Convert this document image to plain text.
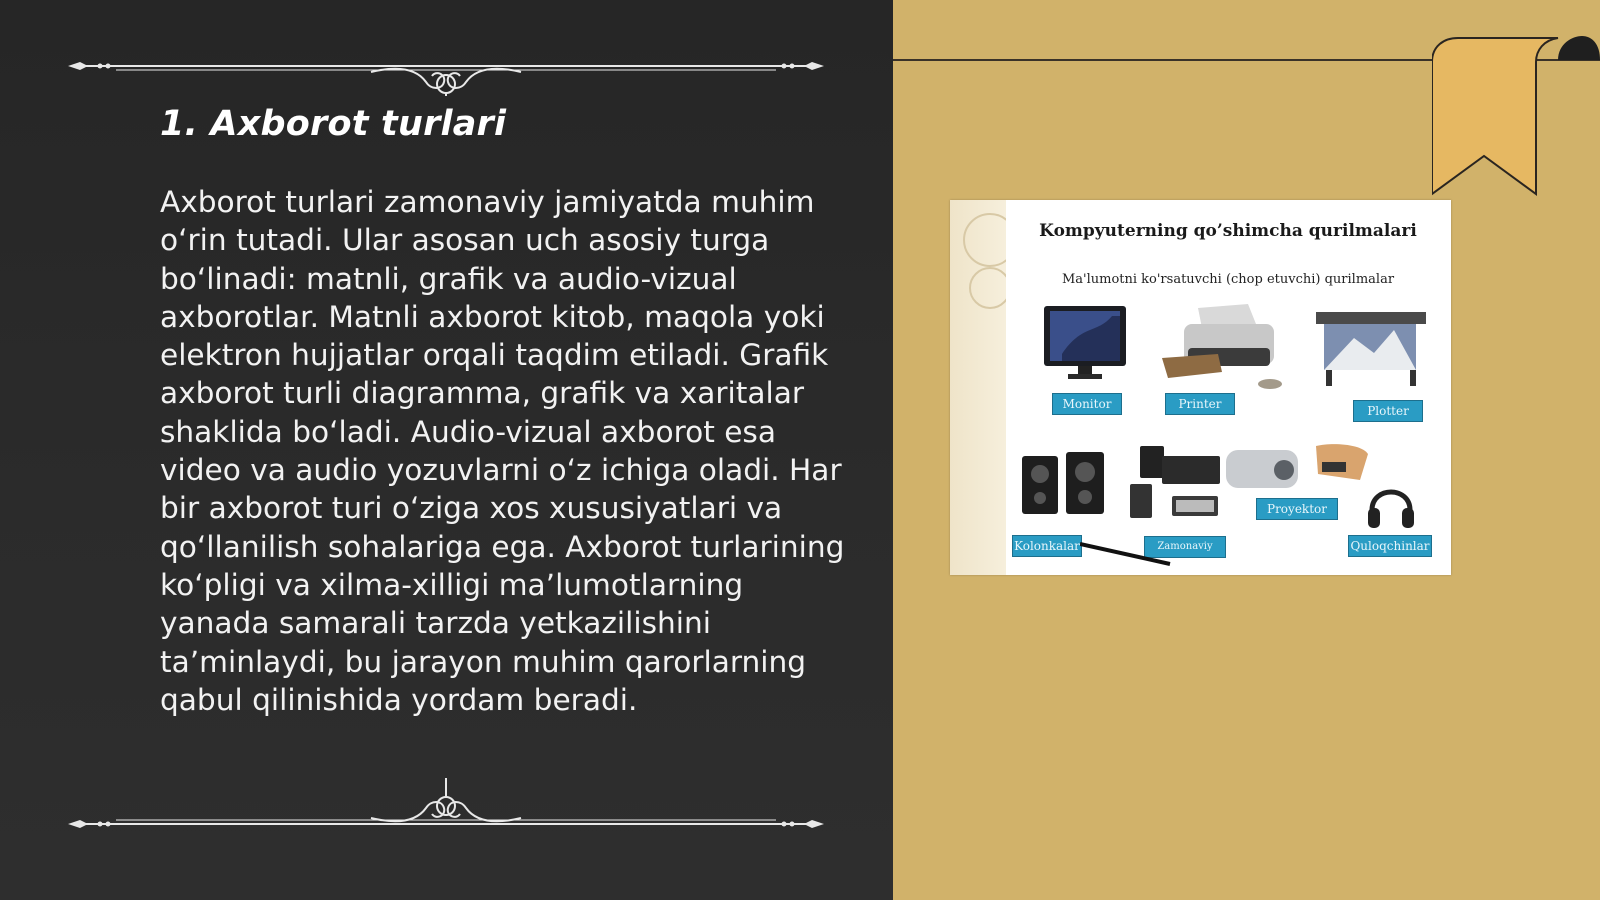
1. Axborot turlari

Axborot turlari zamonaviy jamiyatda muhim oʻrin tutadi. Ular asosan uch asosiy turga boʻlinadi: matnli, grafik va audio-vizual axborotlar. Matnli axborot kitob, maqola yoki elektron hujjatlar orqali taqdim etiladi. Grafik axborot turli diagramma, grafik va xaritalar shaklida boʻladi. Audio-vizual axborot esa video va audio yozuvlarni oʻz ichiga oladi. Har bir axborot turi oʻziga xos xususiyatlari va qoʻllanilish sohalariga ega. Axborot turlarining koʻpligi va xilma-xilligi maʼlumotlarning yanada samarali tarzda yetkazilishini taʼminlaydi, bu jarayon muhim qarorlarning qabul qilinishida yordam beradi.

Kompyuterning qo’shimcha qurilmalari
Ma'lumotni ko'rsatuvchi (chop etuvchi) qurilmalar
Monitor	Printer	Plotter
Kolonkalar	Zamonaviy
Proyektor
Quloqchinlar
